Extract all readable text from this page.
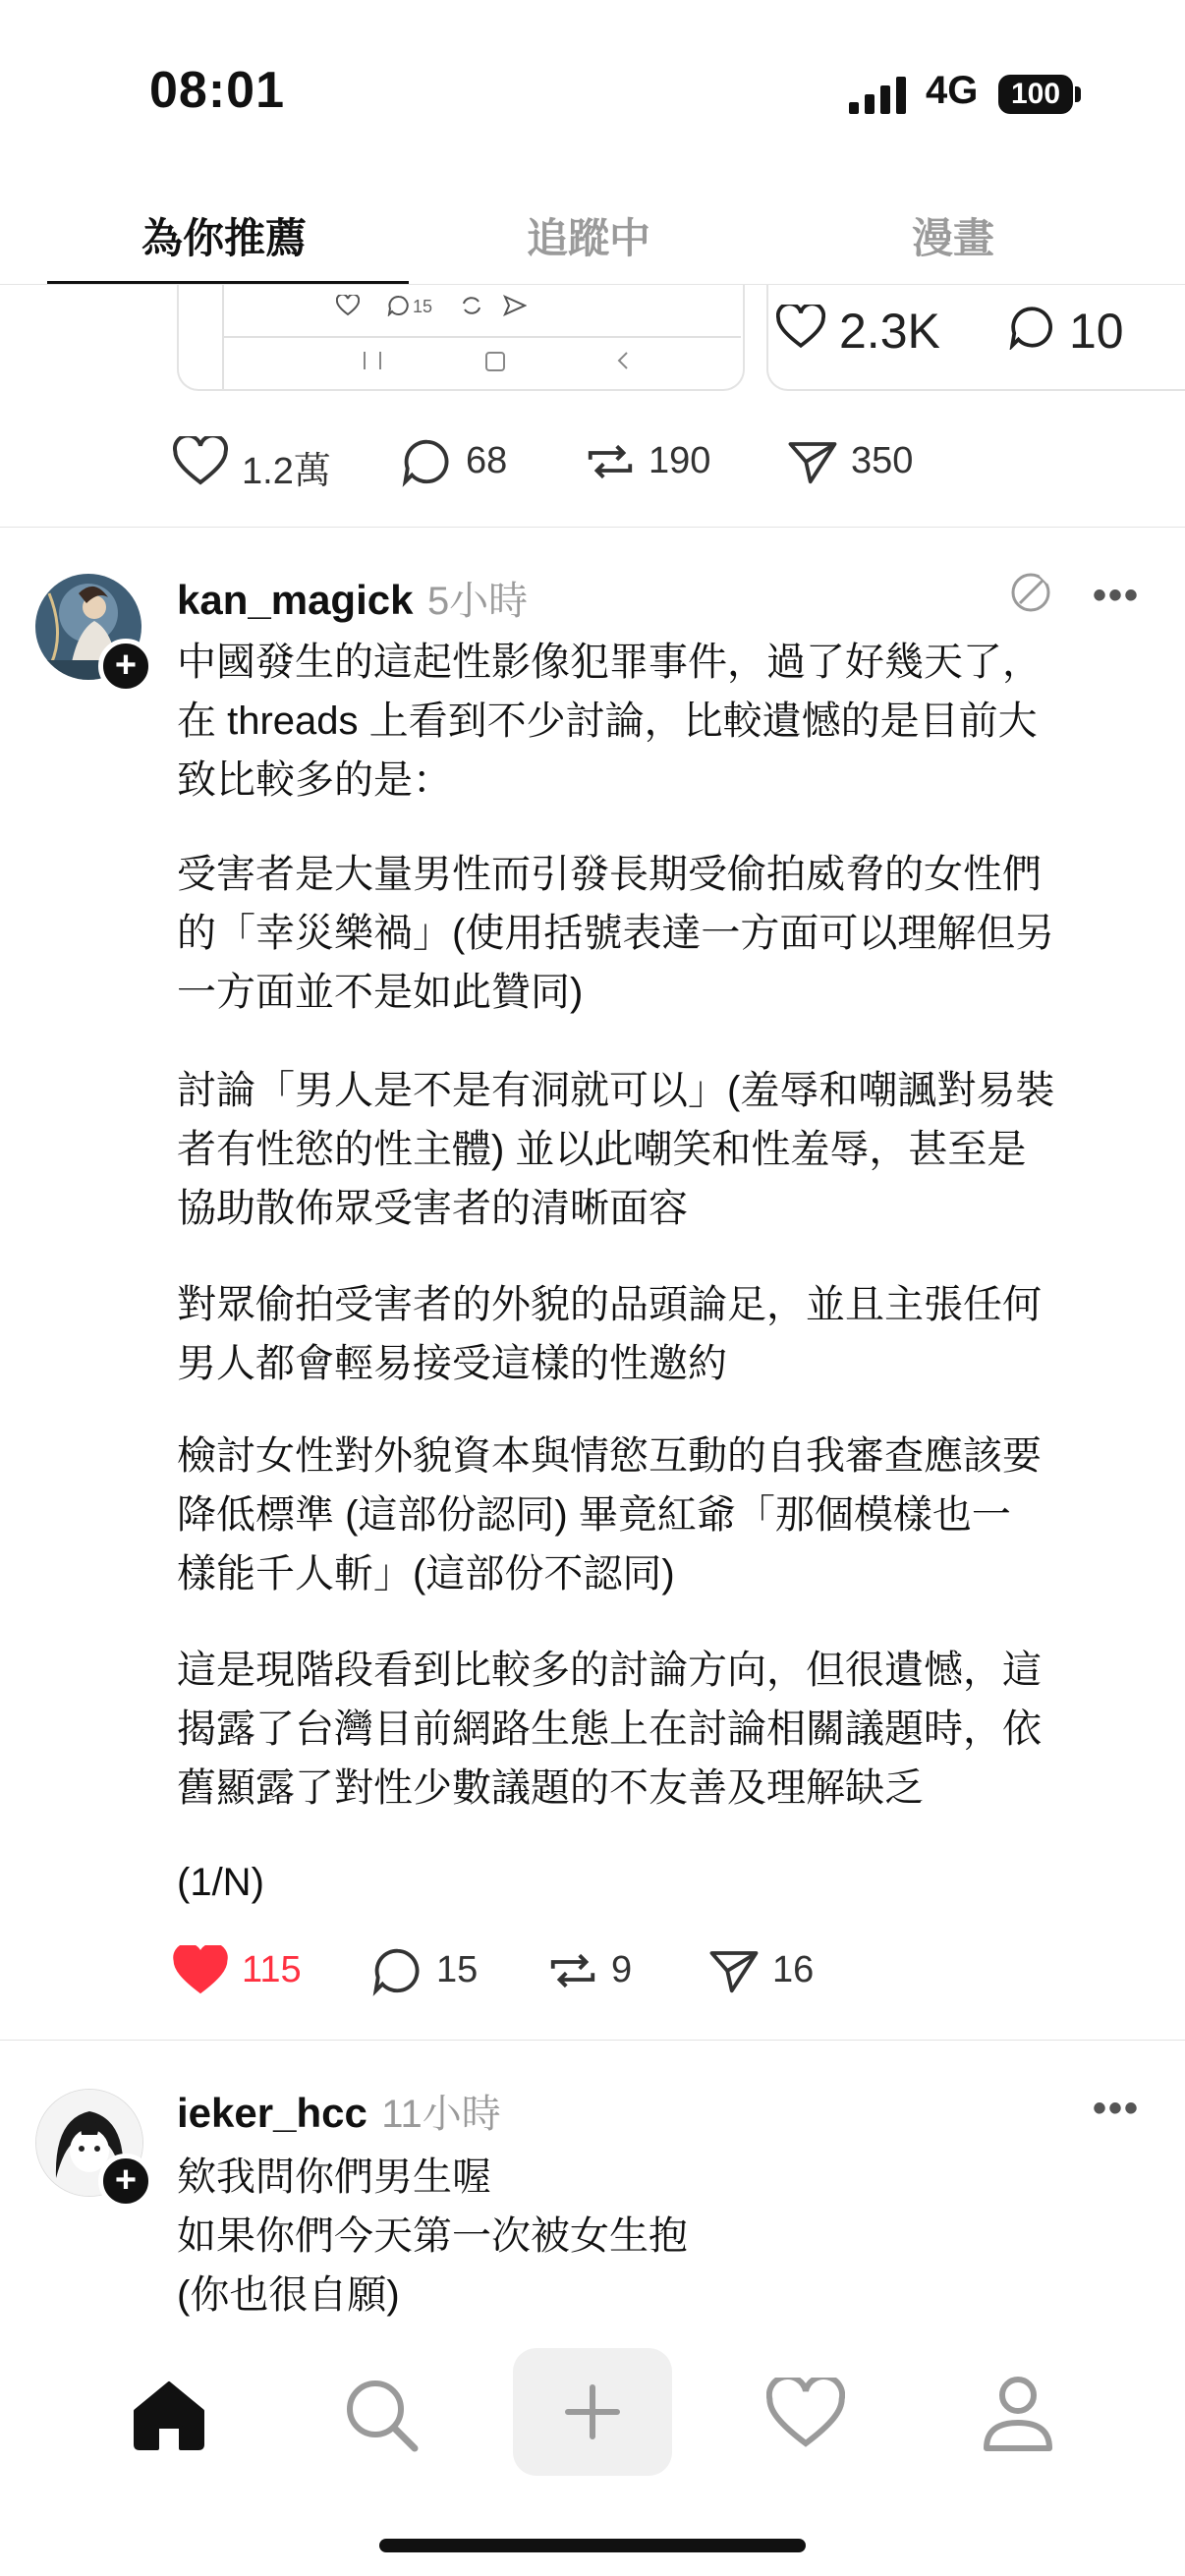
08:01	4G	100
為你推薦	追蹤中	漫畫
15	2.3K	10
1.2萬	68	190	350
+
kan_magick 5小時	•••
中國發生的這起性影像犯罪事件，過了好幾天了，
在 threads 上看到不少討論，比較遺憾的是目前大
致比較多的是：
受害者是大量男性而引發長期受偷拍威脅的女性們
的「幸災樂禍」(使用括號表達一方面可以理解但另
一方面並不是如此贊同)
討論「男人是不是有洞就可以」(羞辱和嘲諷對易裝
者有性慾的性主體) 並以此嘲笑和性羞辱，甚至是
協助散佈眾受害者的清晰面容
對眾偷拍受害者的外貌的品頭論足，並且主張任何
男人都會輕易接受這樣的性邀約
檢討女性對外貌資本與情慾互動的自我審查應該要
降低標準 (這部份認同) 畢竟紅爺「那個模樣也一
樣能千人斬」(這部份不認同)
這是現階段看到比較多的討論方向，但很遺憾，這
揭露了台灣目前網路生態上在討論相關議題時，依
舊顯露了對性少數議題的不友善及理解缺乏
(1/N)
115	15	9	16
+
ieker_hcc 11小時	•••
欸我問你們男生喔
如果你們今天第一次被女生抱
(你也很自願)
